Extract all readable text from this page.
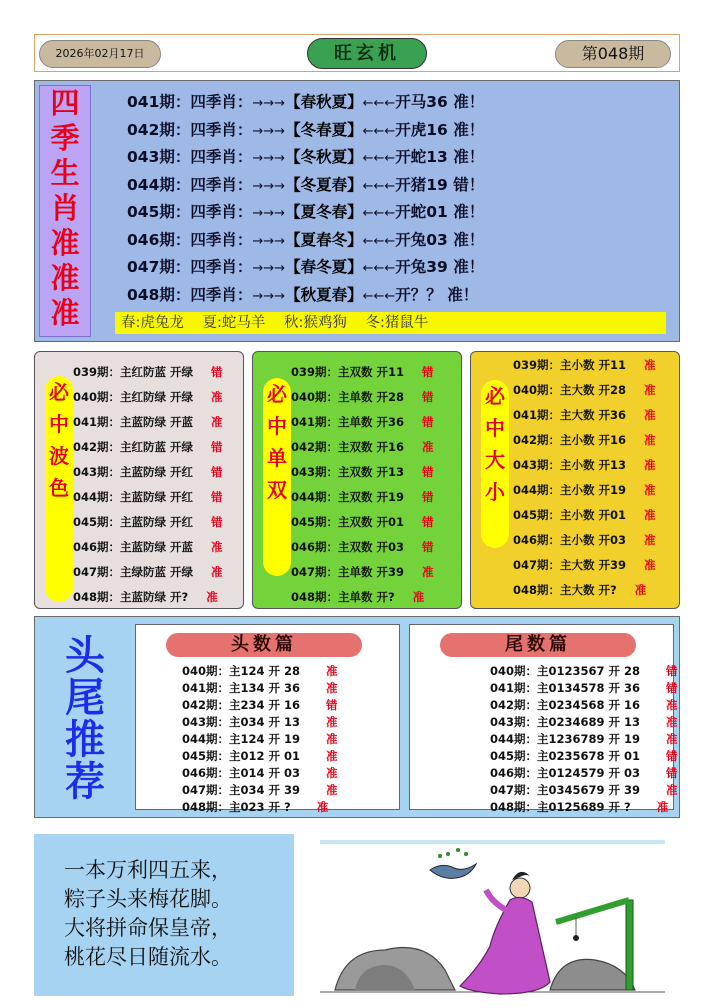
2026年02月17日	旺玄机	第048期
四
季
生
肖
准
准
准
041期：四季肖：→→→【春秋夏】←←←开马36 准！
042期：四季肖：→→→【冬春夏】←←←开虎16 准！
043期：四季肖：→→→【冬秋夏】←←←开蛇13 准！
044期：四季肖：→→→【冬夏春】←←←开猪19 错！
045期：四季肖：→→→【夏冬春】←←←开蛇01 准！
046期：四季肖：→→→【夏春冬】←←←开兔03 准！
047期：四季肖：→→→【春冬夏】←←←开兔39 准！
048期：四季肖：→→→【秋夏春】←←←开？？ 准！
春:虎兔龙 夏:蛇马羊 秋:猴鸡狗 冬:猪鼠牛
必
中
波
色
039期：主红防蓝 开绿 错
040期：主红防绿 开绿 准
041期：主蓝防绿 开蓝 准
042期：主红防蓝 开绿 错
043期：主蓝防绿 开红 错
044期：主蓝防绿 开红 错
045期：主蓝防绿 开红 错
046期：主蓝防绿 开蓝 准
047期：主绿防蓝 开绿 准
048期：主蓝防绿 开? 准
必
中
单
双
039期：主双数 开11 错
040期：主单数 开28 错
041期：主单数 开36 错
042期：主双数 开16 准
043期：主双数 开13 错
044期：主双数 开19 错
045期：主双数 开01 错
046期：主双数 开03 错
047期：主单数 开39 准
048期：主单数 开? 准
必
中
大
小
039期：主小数 开11 准
040期：主大数 开28 准
041期：主大数 开36 准
042期：主小数 开16 准
043期：主小数 开13 准
044期：主小数 开19 准
045期：主小数 开01 准
046期：主小数 开03 准
047期：主大数 开39 准
048期：主大数 开? 准
头
尾
推
荐
头数篇
040期：主124 开 28 准
041期：主134 开 36 准
042期：主234 开 16 错
043期：主034 开 13 准
044期：主124 开 19 准
045期：主012 开 01 准
046期：主014 开 03 准
047期：主034 开 39 准
048期：主023 开 ? 准
尾数篇
040期：主0123567 开 28 错
041期：主0134578 开 36 错
042期：主0234568 开 16 准
043期：主0234689 开 13 准
044期：主1236789 开 19 准
045期：主0235678 开 01 错
046期：主0124579 开 03 错
047期：主0345679 开 39 准
048期：主0125689 开 ? 准
一本万利四五来，
粽子头来梅花脚。
大将拼命保皇帝，
桃花尽日随流水。
